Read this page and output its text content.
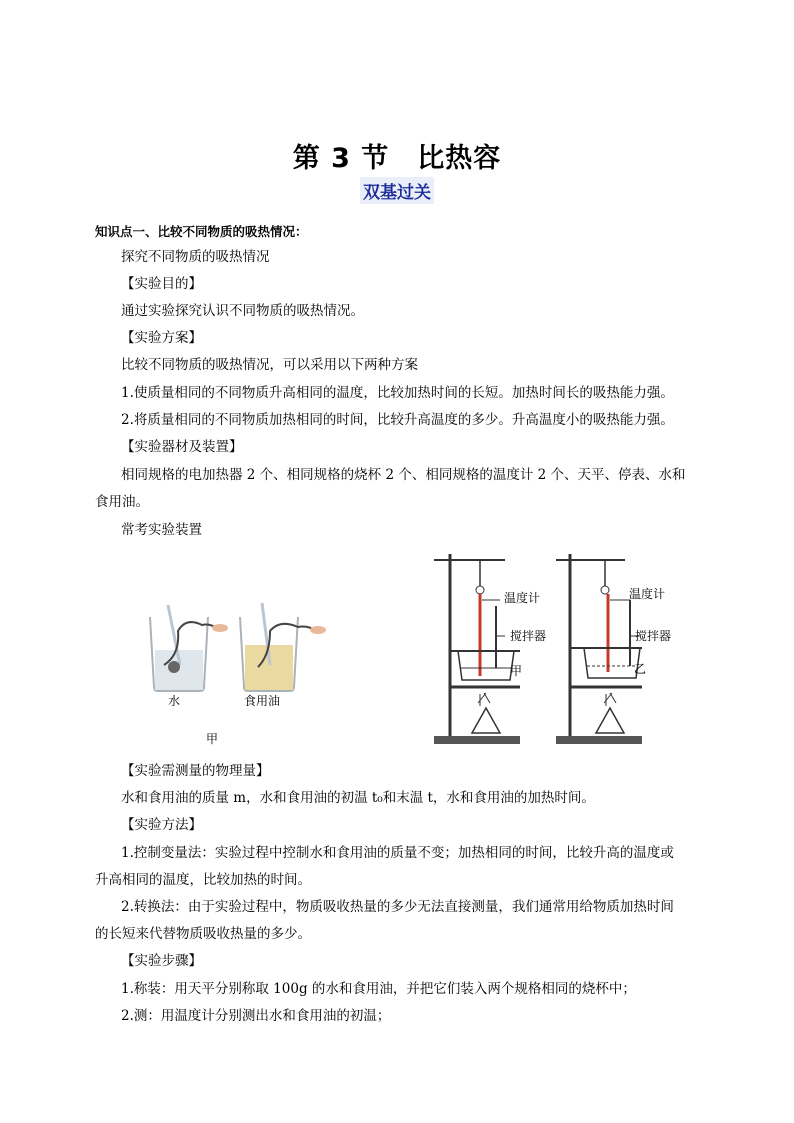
第 3 节　比热容
双基过关
知识点一、比较不同物质的吸热情况：
探究不同物质的吸热情况
【实验目的】
通过实验探究认识不同物质的吸热情况。
【实验方案】
比较不同物质的吸热情况，可以采用以下两种方案
1.使质量相同的不同物质升高相同的温度，比较加热时间的长短。加热时间长的吸热能力强。
2.将质量相同的不同物质加热相同的时间，比较升高温度的多少。升高温度小的吸热能力强。
【实验器材及装置】
相同规格的电加热器 2 个、相同规格的烧杯 2 个、相同规格的温度计 2 个、天平、停表、水和
食用油。
常考实验装置
水	食用油
甲
温度计
搅拌器
甲
温度计
搅拌器
乙
【实验需测量的物理量】
水和食用油的质量 m，水和食用油的初温 t₀和末温 t，水和食用油的加热时间。
【实验方法】
1.控制变量法：实验过程中控制水和食用油的质量不变；加热相同的时间，比较升高的温度或
升高相同的温度，比较加热的时间。
2.转换法：由于实验过程中，物质吸收热量的多少无法直接测量，我们通常用给物质加热时间
的长短来代替物质吸收热量的多少。
【实验步骤】
1.称装：用天平分别称取 100g 的水和食用油，并把它们装入两个规格相同的烧杯中；
2.测：用温度计分别测出水和食用油的初温；
